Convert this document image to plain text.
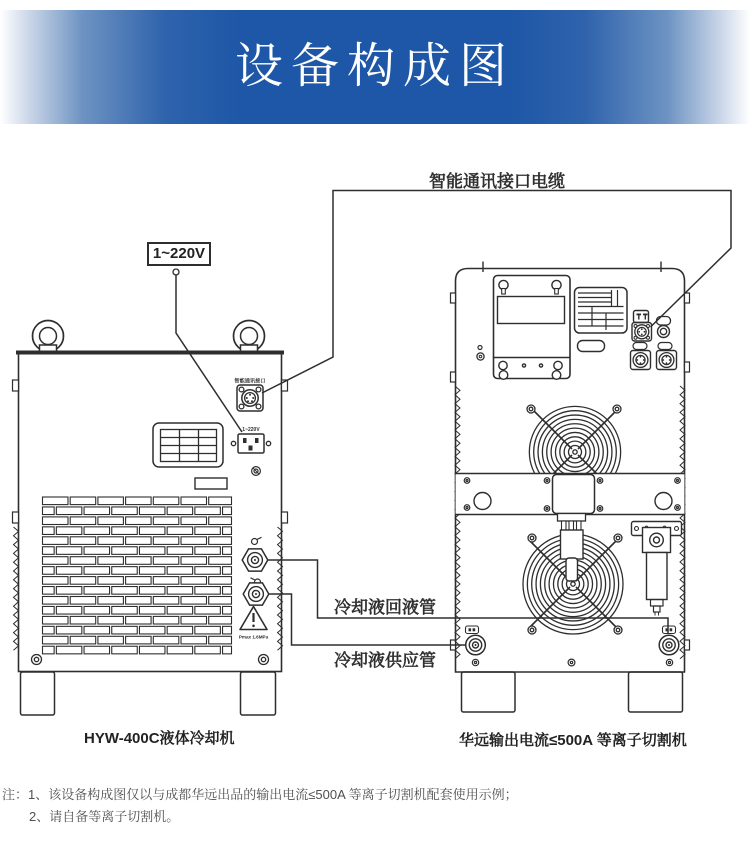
设备构成图
智能通讯接口
1~220V
Pmax 1.6MPa
智能通讯接口电缆
1~220V
冷却液回液管
冷却液供应管
HYW-400C液体冷却机	华远输出电流≤500A 等离子切割机
注：1、该设备构成图仅以与成都华远出品的输出电流≤500A 等离子切割机配套使用示例；
2、请自备等离子切割机。
